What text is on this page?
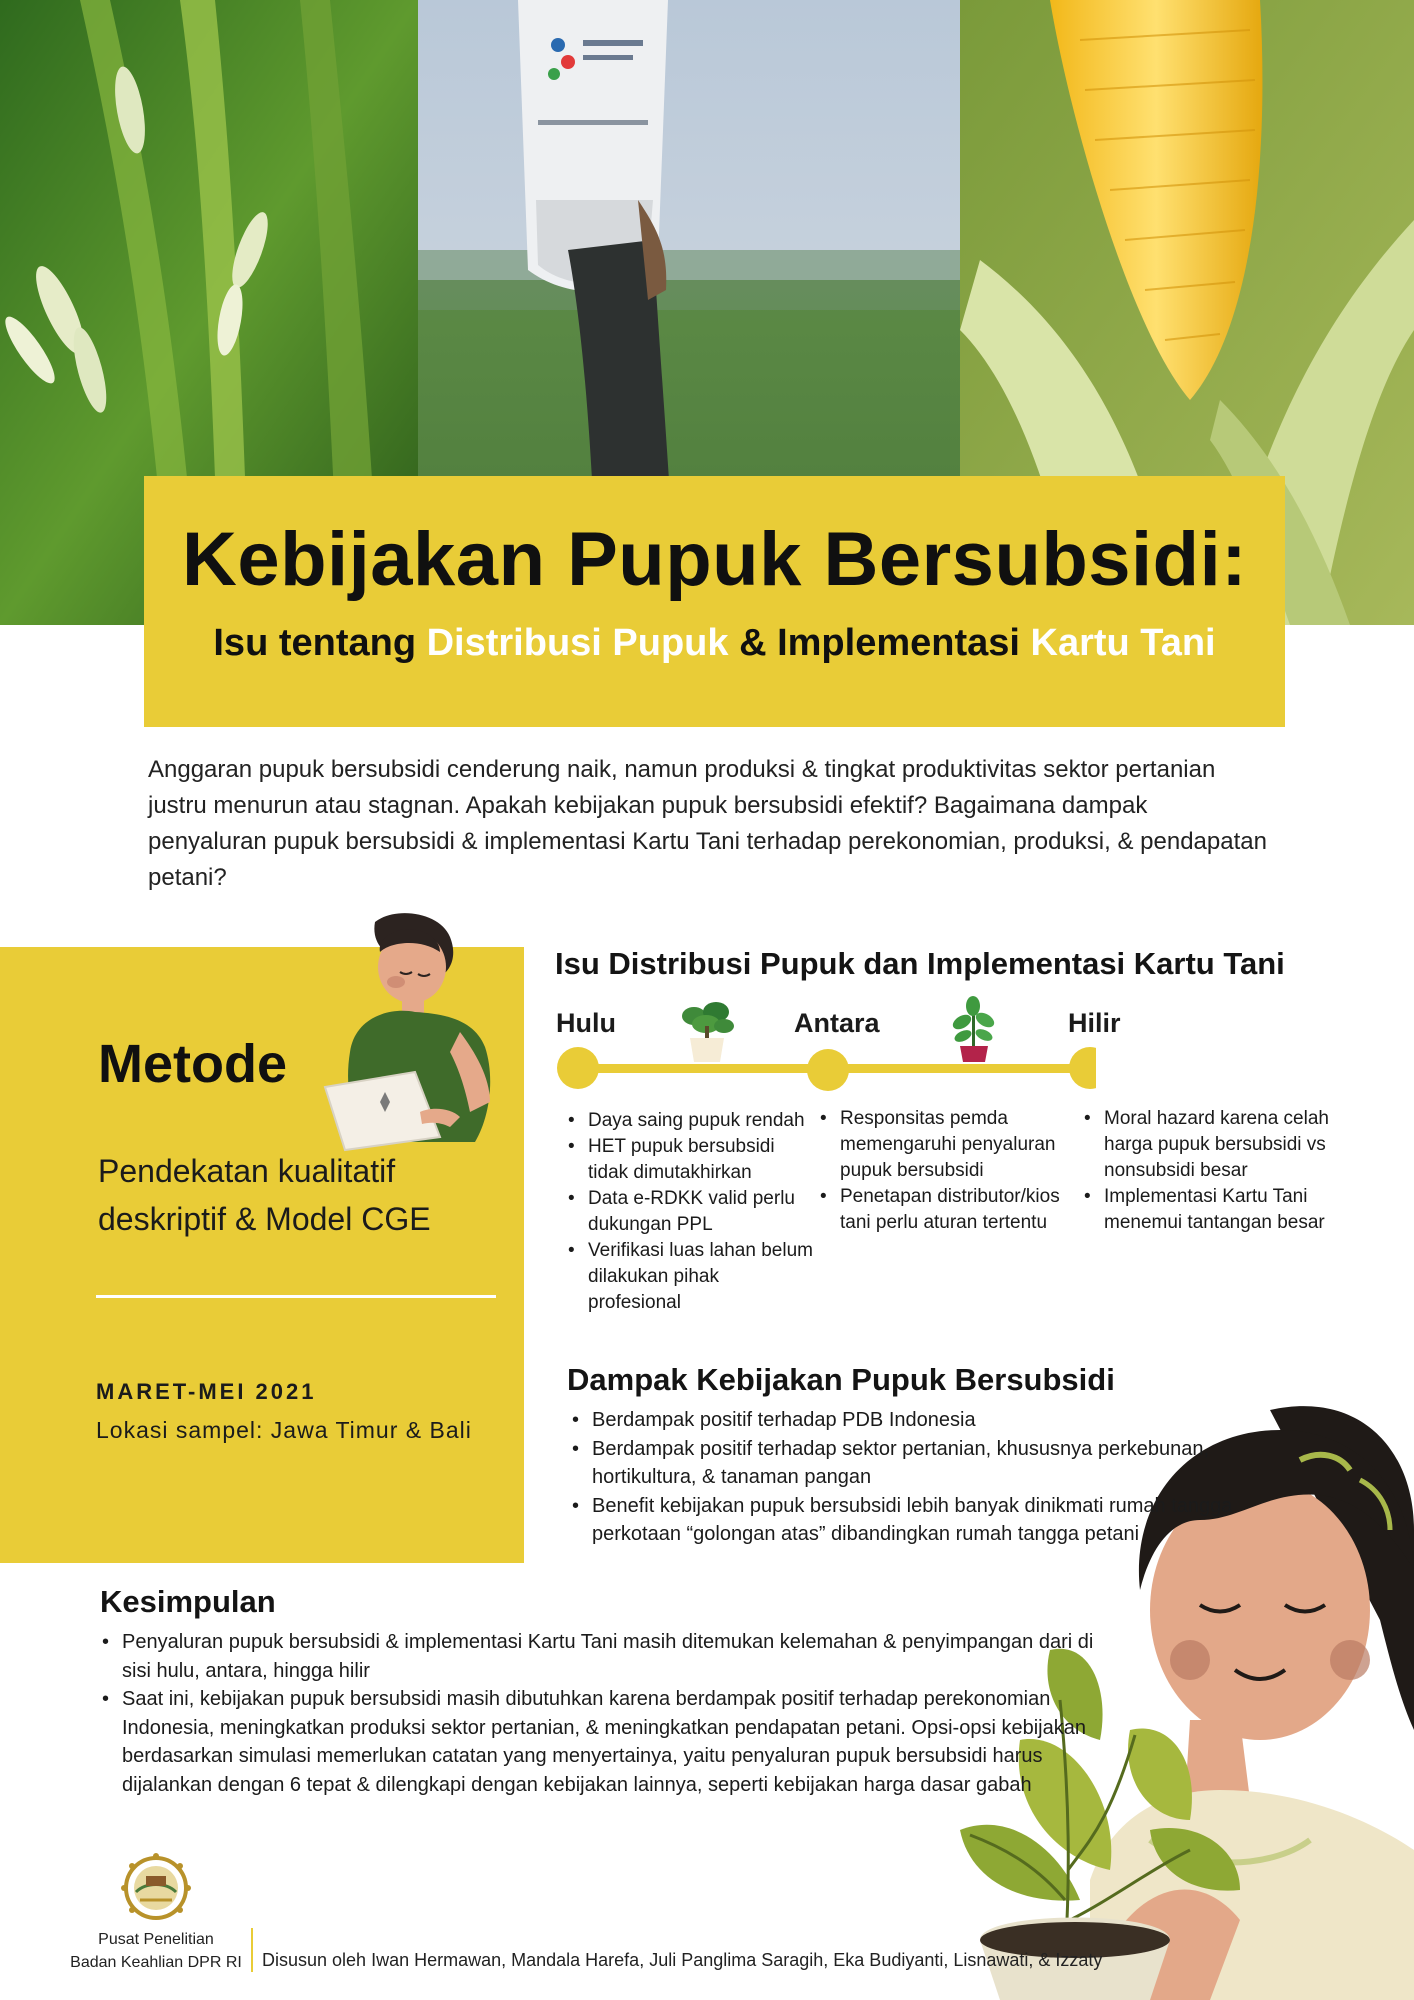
Kebijakan Pupuk Bersubsidi:
Isu tentang Distribusi Pupuk & Implementasi Kartu Tani

Anggaran pupuk bersubsidi cenderung naik, namun produksi & tingkat produktivitas sektor pertanian justru menurun atau stagnan. Apakah kebijakan pupuk bersubsidi efektif? Bagaimana dampak penyaluran pupuk bersubsidi & implementasi Kartu Tani terhadap perekonomian, produksi, & pendapatan petani?

Metode
Pendekatan kualitatif deskriptif & Model CGE
MARET-MEI 2021
Lokasi sampel: Jawa Timur & Bali
Isu Distribusi Pupuk dan Implementasi Kartu Tani
Hulu	Antara	Hilir
• Daya saing pupuk rendah
• HET pupuk bersubsidi tidak dimutakhirkan
• Data e-RDKK valid perlu dukungan PPL
• Verifikasi luas lahan belum dilakukan pihak profesional
• Responsitas pemda memengaruhi penyaluran pupuk bersubsidi
• Penetapan distributor/kios tani perlu aturan tertentu
• Moral hazard karena celah harga pupuk bersubsidi vs nonsubsidi besar
• Implementasi Kartu Tani menemui tantangan besar
Dampak Kebijakan Pupuk Bersubsidi
• Berdampak positif terhadap PDB Indonesia
• Berdampak positif terhadap sektor pertanian, khususnya perkebunan, hortikultura, & tanaman pangan
• Benefit kebijakan pupuk bersubsidi lebih banyak dinikmati rumah tangga perkotaan “golongan atas” dibandingkan rumah tangga petani
Kesimpulan
• Penyaluran pupuk bersubsidi & implementasi Kartu Tani masih ditemukan kelemahan & penyimpangan dari di sisi hulu, antara, hingga hilir
• Saat ini, kebijakan pupuk bersubsidi masih dibutuhkan karena berdampak positif terhadap perekonomian Indonesia, meningkatkan produksi sektor pertanian, & meningkatkan pendapatan petani. Opsi-opsi kebijakan berdasarkan simulasi memerlukan catatan yang menyertainya, yaitu penyaluran pupuk bersubsidi harus dijalankan dengan 6 tepat & dilengkapi dengan kebijakan lainnya, seperti kebijakan harga dasar gabah
Pusat Penelitian
Badan Keahlian DPR RI Disusun oleh Iwan Hermawan, Mandala Harefa, Juli Panglima Saragih, Eka Budiyanti, Lisnawati, & Izzaty
